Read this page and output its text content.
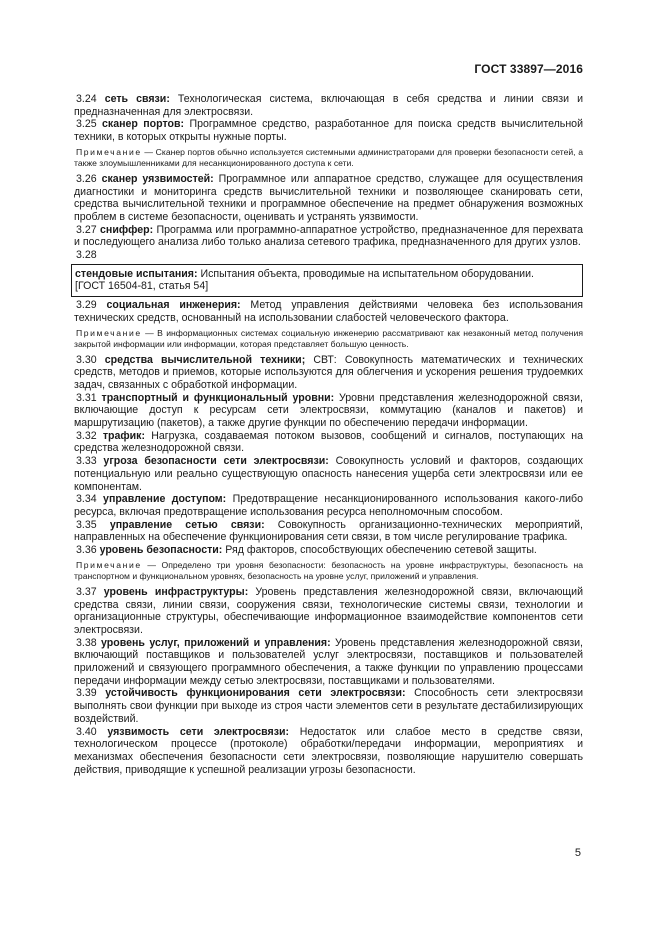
ГОСТ 33897—2016

3.24 сеть связи: Технологическая система, включающая в себя средства и линии связи и предназначенная для электросвязи.

3.25 сканер портов: Программное средство, разработанное для поиска средств вычислительной техники, в которых открыты нужные порты.

Примечание — Сканер портов обычно используется системными администраторами для проверки безопасности сетей, а также злоумышленниками для несанкционированного доступа к сети.

3.26 сканер уязвимостей: Программное или аппаратное средство, служащее для осуществления диагностики и мониторинга средств вычислительной техники и позволяющее сканировать сети, средства вычислительной техники и программное обеспечение на предмет обнаружения возможных проблем в системе безопасности, оценивать и устранять уязвимости.

3.27 сниффер: Программа или программно-аппаратное устройство, предназначенное для перехвата и последующего анализа либо только анализа сетевого трафика, предназначенного для других узлов.

3.28

стендовые испытания: Испытания объекта, проводимые на испытательном оборудовании.
[ГОСТ 16504-81, статья 54]

3.29 социальная инженерия: Метод управления действиями человека без использования технических средств, основанный на использовании слабостей человеческого фактора.

Примечание — В информационных системах социальную инженерию рассматривают как незаконный метод получения закрытой информации или информации, которая представляет большую ценность.

3.30 средства вычислительной техники; СВТ: Совокупность математических и технических средств, методов и приемов, которые используются для облегчения и ускорения решения трудоемких задач, связанных с обработкой информации.

3.31 транспортный и функциональный уровни: Уровни представления железнодорожной связи, включающие доступ к ресурсам сети электросвязи, коммутацию (каналов и пакетов) и маршрутизацию (пакетов), а также другие функции по обеспечению передачи информации.

3.32 трафик: Нагрузка, создаваемая потоком вызовов, сообщений и сигналов, поступающих на средства железнодорожной связи.

3.33 угроза безопасности сети электросвязи: Совокупность условий и факторов, создающих потенциальную или реально существующую опасность нанесения ущерба сети электросвязи или ее компонентам.

3.34 управление доступом: Предотвращение несанкционированного использования какого-либо ресурса, включая предотвращение использования ресурса неполномочным способом.

3.35 управление сетью связи: Совокупность организационно-технических мероприятий, направленных на обеспечение функционирования сети связи, в том числе регулирование трафика.

3.36 уровень безопасности: Ряд факторов, способствующих обеспечению сетевой защиты.

Примечание — Определено три уровня безопасности: безопасность на уровне инфраструктуры, безопасность на транспортном и функциональном уровнях, безопасность на уровне услуг, приложений и управления.

3.37 уровень инфраструктуры: Уровень представления железнодорожной связи, включающий средства связи, линии связи, сооружения связи, технологические системы связи, технологии и организационные структуры, обеспечивающие информационное взаимодействие компонентов сети электросвязи.

3.38 уровень услуг, приложений и управления: Уровень представления железнодорожной связи, включающий поставщиков и пользователей услуг электросвязи, поставщиков и пользователей приложений и связующего программного обеспечения, а также функции по управлению процессами передачи информации между сетью электросвязи, поставщиками и пользователями.

3.39 устойчивость функционирования сети электросвязи: Способность сети электросвязи выполнять свои функции при выходе из строя части элементов сети в результате дестабилизирующих воздействий.

3.40 уязвимость сети электросвязи: Недостаток или слабое место в средстве связи, технологическом процессе (протоколе) обработки/передачи информации, мероприятиях и механизмах обеспечения безопасности сети электросвязи, позволяющие нарушителю совершать действия, приводящие к успешной реализации угрозы безопасности.

5
